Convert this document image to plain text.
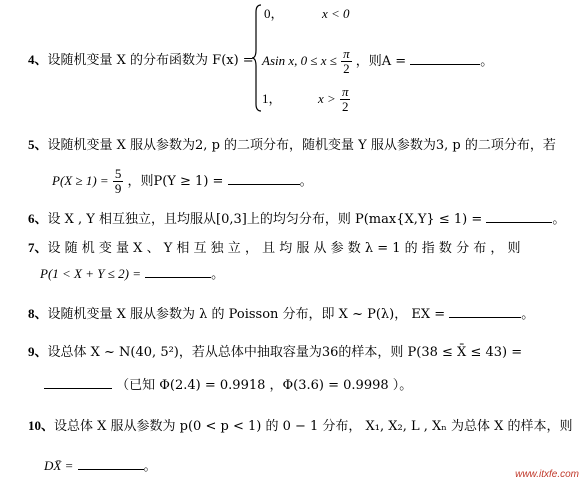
4、设随机变量 X 的分布函数为 F(x) =
0，	x < 0
Asin x, $0 \le x \le \frac{\pi}{2}$ ，则A =	。
1，	$x > \frac{\pi}{2}$
5、设随机变量 X 服从参数为2, p 的二项分布，随机变量 Y 服从参数为3, p 的二项分布，若
$P(X \ge 1) = \frac{5}{9}$ ，则P(Y ≥ 1) =	。
6、设 X , Y 相互独立，且均服从[0,3]上的均匀分布，则 P(max{X,Y} ≤ 1) =	。
7、设 随 机 变 量 X 、 Y 相 互 独 立 ， 且 均 服 从 参 数 λ = 1 的 指 数 分 布 ， 则
P(1 < X + Y ≤ 2) =	。
8、设随机变量 X 服从参数为 λ 的 Poisson 分布，即 X ~ P(λ)， EX =	。
9、设总体 X ~ N(40, 5²)，若从总体中抽取容量为36的样本，则 P(38 ≤ X̄ ≤ 43) =
（已知 Φ(2.4) = 0.9918 ，Φ(3.6) = 0.9998 ）。
10、设总体 X 服从参数为 p(0 < p < 1) 的 0 − 1 分布， X₁, X₂, L , Xₙ 为总体 X 的样本，则
DX̄ =	。
www.itxfe.com
